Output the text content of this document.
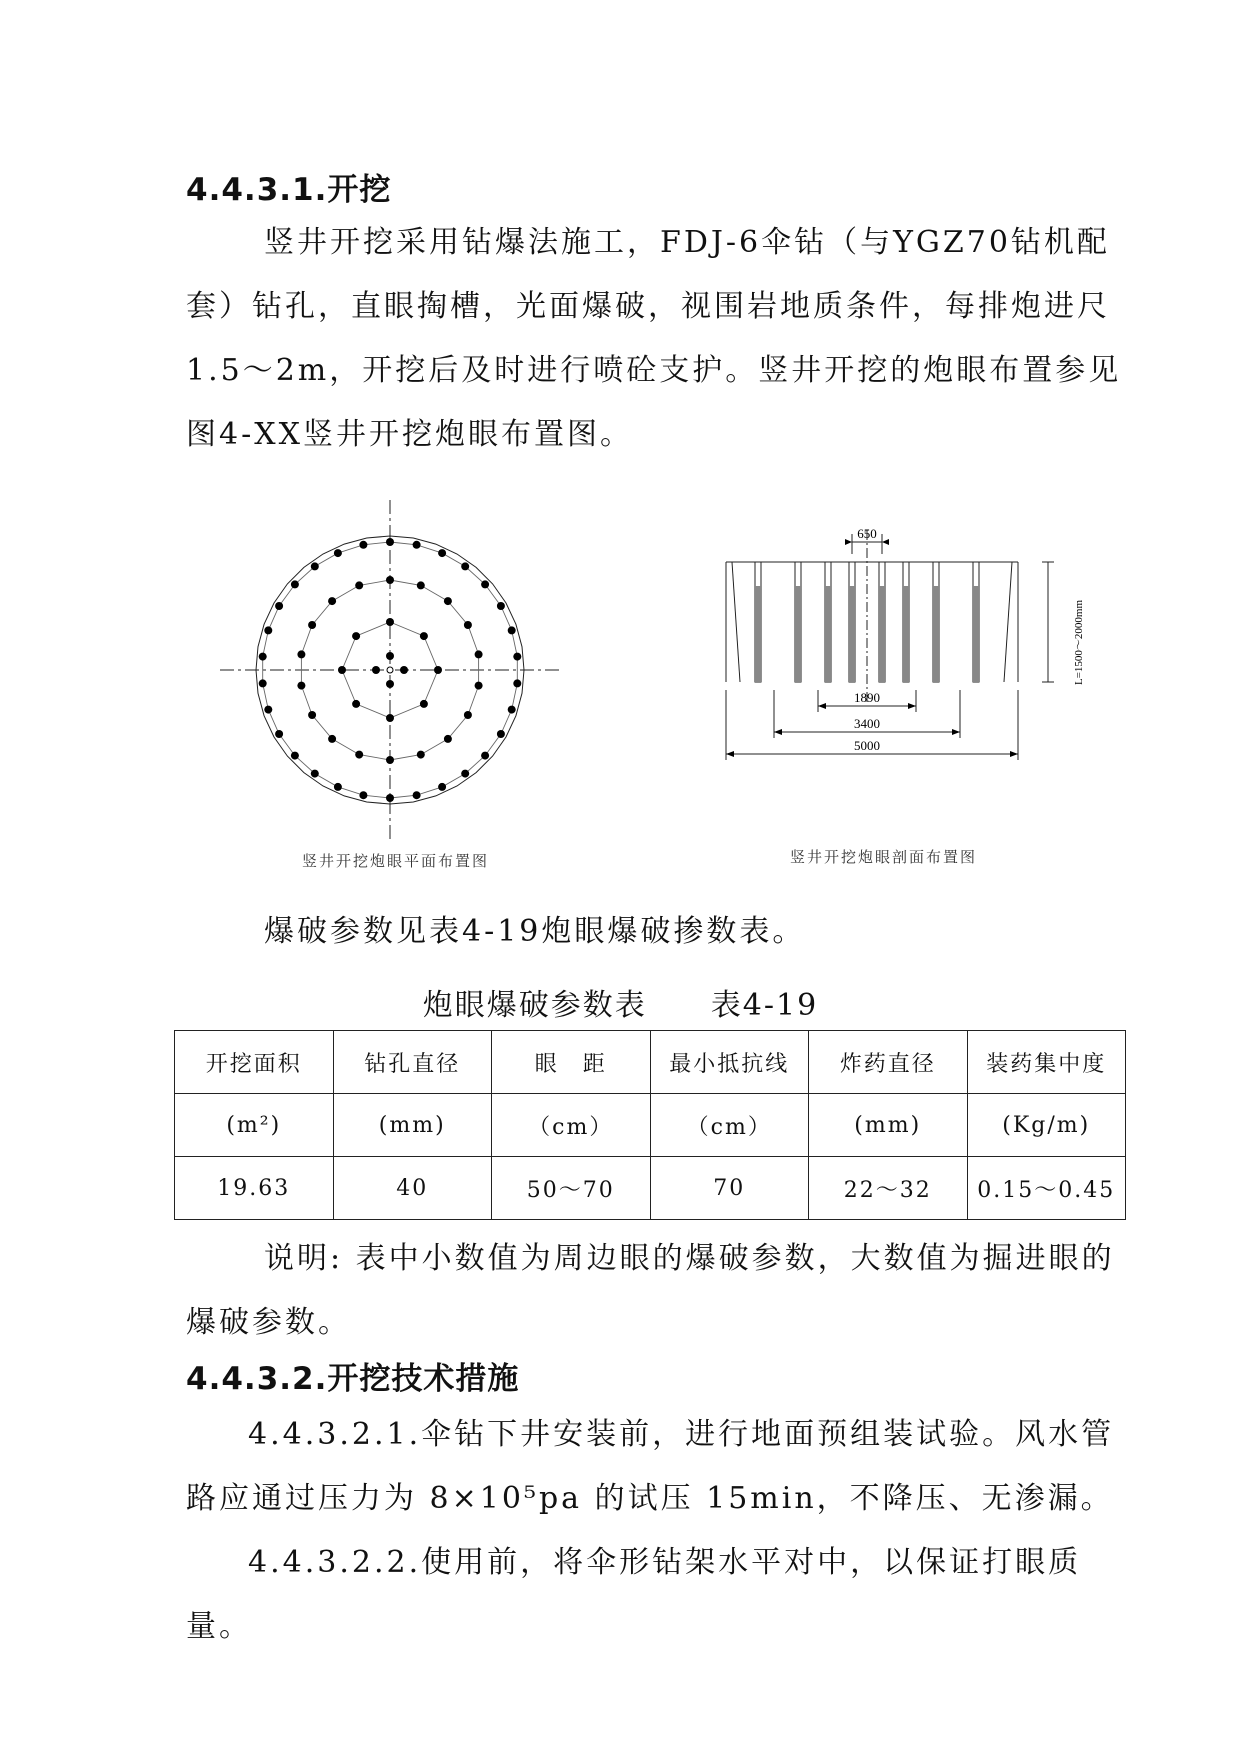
4.4.3.1.开挖

竖井开挖采用钻爆法施工，FDJ-6伞钻（与YGZ70钻机配套）钻孔，直眼掏槽，光面爆破，视围岩地质条件，每排炮进尺1.5～2m，开挖后及时进行喷砼支护。竖井开挖的炮眼布置参见图4-XX竖井开挖炮眼布置图。

竖井开挖炮眼平面布置图
650
1890
3400
5000
L=1500～2000mm
竖井开挖炮眼剖面布置图

爆破参数见表4-19炮眼爆破掺数表。

炮眼爆破参数表　　表4-19
开挖面积	钻孔直径	眼　距	最小抵抗线	炸药直径	装药集中度
(m²)	(mm)	（cm）	（cm）	(mm)	(Kg/m)
19.63	40	50～70	70	22～32	0.15～0.45

说明: 表中小数值为周边眼的爆破参数，大数值为掘进眼的爆破参数。

4.4.3.2.开挖技术措施

4.4.3.2.1.伞钻下井安装前，进行地面预组装试验。风水管路应通过压力为 8×10⁵pa 的试压 15min，不降压、无渗漏。

4.4.3.2.2.使用前，将伞形钻架水平对中，以保证打眼质量。
